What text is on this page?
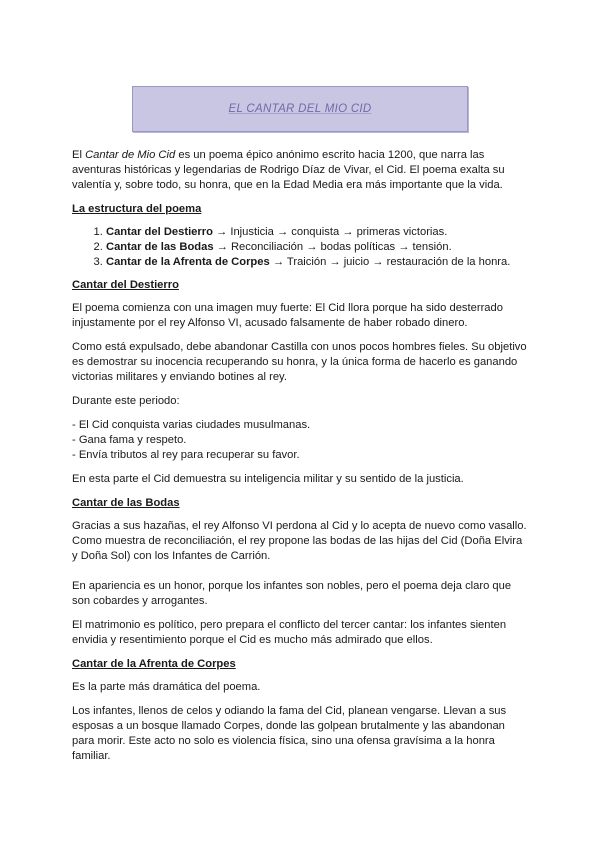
EL CANTAR DEL MIO CID

El Cantar de Mio Cid es un poema épico anónimo escrito hacia 1200, que narra las aventuras históricas y legendarias de Rodrigo Díaz de Vivar, el Cid. El poema exalta su valentía y, sobre todo, su honra, que en la Edad Media era más importante que la vida.

La estructura del poema
1. Cantar del Destierro → Injusticia → conquista → primeras victorias.
2. Cantar de las Bodas → Reconciliación → bodas políticas → tensión.
3. Cantar de la Afrenta de Corpes → Traición → juicio → restauración de la honra.
Cantar del Destierro

El poema comienza con una imagen muy fuerte: El Cid llora porque ha sido desterrado injustamente por el rey Alfonso VI, acusado falsamente de haber robado dinero.

Como está expulsado, debe abandonar Castilla con unos pocos hombres fieles. Su objetivo es demostrar su inocencia recuperando su honra, y la única forma de hacerlo es ganando victorias militares y enviando botines al rey.

Durante este periodo:

- El Cid conquista varias ciudades musulmanas.
- Gana fama y respeto.
- Envía tributos al rey para recuperar su favor.

En esta parte el Cid demuestra su inteligencia militar y su sentido de la justicia.

Cantar de las Bodas

Gracias a sus hazañas, el rey Alfonso VI perdona al Cid y lo acepta de nuevo como vasallo. Como muestra de reconciliación, el rey propone las bodas de las hijas del Cid (Doña Elvira y Doña Sol) con los Infantes de Carrión.

En apariencia es un honor, porque los infantes son nobles, pero el poema deja claro que son cobardes y arrogantes.

El matrimonio es político, pero prepara el conflicto del tercer cantar: los infantes sienten envidia y resentimiento porque el Cid es mucho más admirado que ellos.

Cantar de la Afrenta de Corpes

Es la parte más dramática del poema.

Los infantes, llenos de celos y odiando la fama del Cid, planean vengarse. Llevan a sus esposas a un bosque llamado Corpes, donde las golpean brutalmente y las abandonan para morir. Este acto no solo es violencia física, sino una ofensa gravísima a la honra familiar.
